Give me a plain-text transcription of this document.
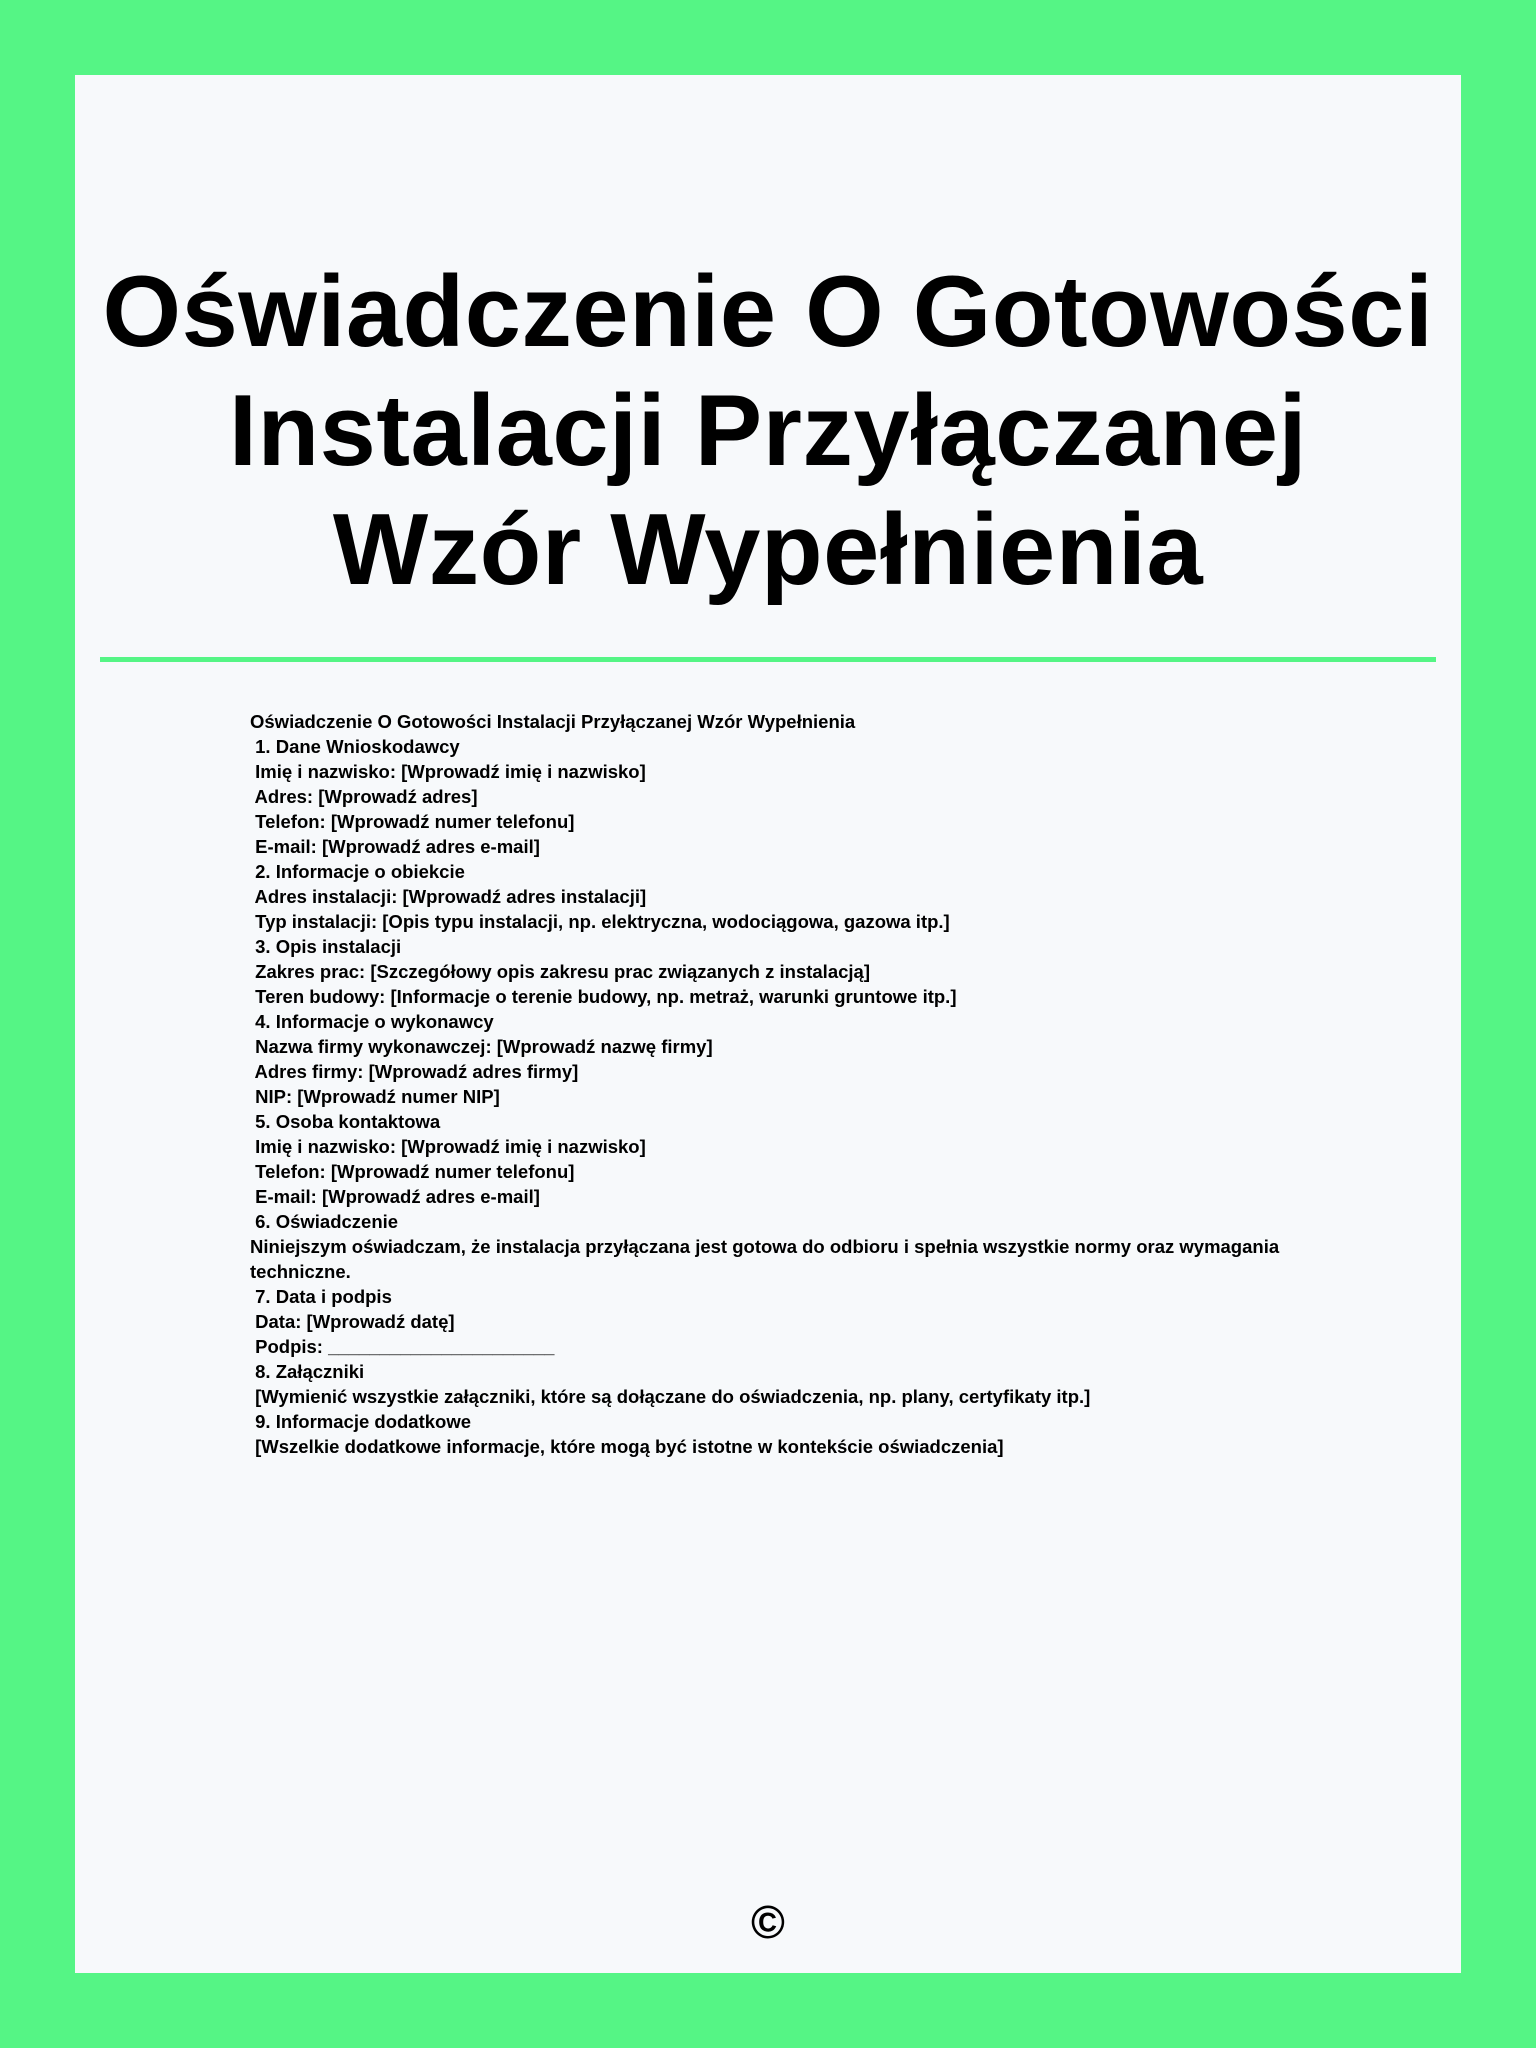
Oświadczenie O Gotowości Instalacji Przyłączanej Wzór Wypełnienia

Oświadczenie O Gotowości Instalacji Przyłączanej Wzór Wypełnienia

1. Dane Wnioskodawcy

Imię i nazwisko: [Wprowadź imię i nazwisko]

Adres: [Wprowadź adres]

Telefon: [Wprowadź numer telefonu]

E-mail: [Wprowadź adres e-mail]

2. Informacje o obiekcie

Adres instalacji: [Wprowadź adres instalacji]

Typ instalacji: [Opis typu instalacji, np. elektryczna, wodociągowa, gazowa itp.]

3. Opis instalacji

Zakres prac: [Szczegółowy opis zakresu prac związanych z instalacją]

Teren budowy: [Informacje o terenie budowy, np. metraż, warunki gruntowe itp.]

4. Informacje o wykonawcy

Nazwa firmy wykonawczej: [Wprowadź nazwę firmy]

Adres firmy: [Wprowadź adres firmy]

NIP: [Wprowadź numer NIP]

5. Osoba kontaktowa

Imię i nazwisko: [Wprowadź imię i nazwisko]

Telefon: [Wprowadź numer telefonu]

E-mail: [Wprowadź adres e-mail]

6. Oświadczenie

Niniejszym oświadczam, że instalacja przyłączana jest gotowa do odbioru i spełnia wszystkie normy oraz wymagania techniczne.

7. Data i podpis

Data: [Wprowadź datę]

Podpis: ______________________

8. Załączniki

[Wymienić wszystkie załączniki, które są dołączane do oświadczenia, np. plany, certyfikaty itp.]

9. Informacje dodatkowe

[Wszelkie dodatkowe informacje, które mogą być istotne w kontekście oświadczenia]

©
